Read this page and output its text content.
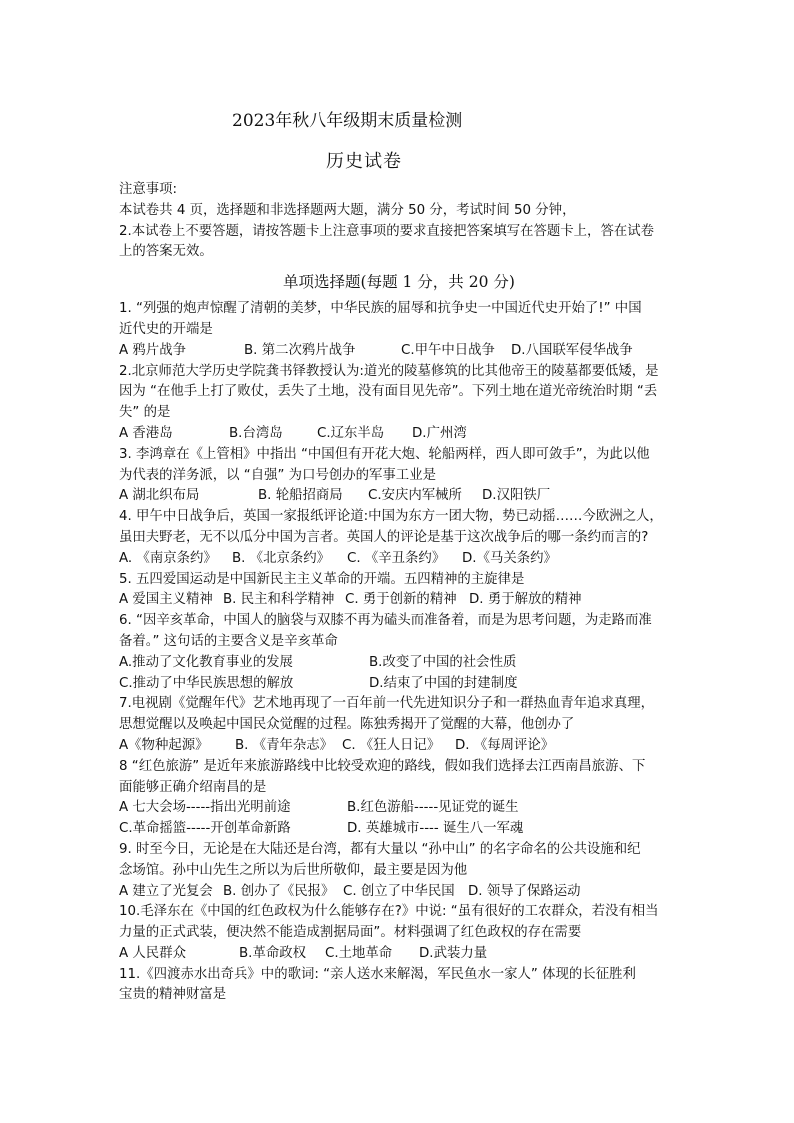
2023年秋八年级期末质量检测
历史试卷
注意事项:
本试卷共 4 页，选择题和非选择题两大题，满分 50 分，考试时间 50 分钟，
2.本试卷上不要答题，请按答题卡上注意事项的要求直接把答案填写在答题卡上，答在试卷
上的答案无效。
单项选择题(每题 1 分，共 20 分)
1. “列强的炮声惊醒了清朝的美梦，中华民族的屈辱和抗争史一中国近代史开始了!” 中国
近代史的开端是
A 鸦片战争	B. 第二次鸦片战争	C.甲午中日战争	D.八国联军侵华战争
2.北京师范大学历史学院龚书铎教授认为:道光的陵墓修筑的比其他帝王的陵墓都要低矮，是
因为 “在他手上打了败仗，丢失了土地，没有面目见先帝”。下列土地在道光帝统治时期 “丢
失” 的是
A 香港岛	B.台湾岛	C.辽东半岛	D.广州湾
3. 李鸿章在《上管相》中指出 “中国但有开花大炮、轮船两样，西人即可敛手”，为此以他
为代表的洋务派，以 “自强” 为口号创办的军事工业是
A 湖北织布局	B. 轮船招商局	C.安庆内军械所	D.汉阳铁厂
4. 甲午中日战争后，英国一家报纸评论道:中国为东方一团大物，势已动摇……今欧洲之人，
虽田夫野老，无不以瓜分中国为言者。英国人的评论是基于这次战争后的哪一条约而言的?
A. 《南京条约》	B. 《北京条约》	C. 《辛丑条约》	D.《马关条约》
5. 五四爱国运动是中国新民主主义革命的开端。五四精神的主旋律是
A 爱国主义精神 B. 民主和科学精神 C. 勇于创新的精神 D. 勇于解放的精神
6. “因辛亥革命，中国人的脑袋与双膝不再为磕头而准备着，而是为思考问题，为走路而准
备着。” 这句话的主要含义是辛亥革命
A.推动了文化教育事业的发展	B.改变了中国的社会性质
C.推动了中华民族思想的解放	D.结束了中国的封建制度
7.电视剧《觉醒年代》艺术地再现了一百年前一代先进知识分子和一群热血青年追求真理，
思想觉醒以及唤起中国民众觉醒的过程。陈独秀揭开了觉醒的大幕，他创办了
A《物种起源》	B. 《青年杂志》 C. 《狂人日记》	D. 《每周评论》
8 “红色旅游” 是近年来旅游路线中比较受欢迎的路线，假如我们选择去江西南昌旅游、下
面能够正确介绍南昌的是
A 七大会场-----指出光明前途	B.红色游船-----见证党的诞生
C.革命摇篮-----开创革命新路	D. 英雄城市---- 诞生八一军魂
9. 时至今日，无论是在大陆还是台湾，都有大量以 “孙中山” 的名字命名的公共设施和纪
念场馆。孙中山先生之所以为后世所敬仰，最主要是因为他
A 建立了光复会 B. 创办了《民报》 C. 创立了中华民国 D. 领导了保路运动
10.毛泽东在《中国的红色政权为什么能够存在?》中说: “虽有很好的工农群众，若没有相当
力量的正式武装，便决然不能造成割据局面”。材料强调了红色政权的存在需要
A 人民群众	B.革命政权	C.土地革命	D.武装力量
11.《四渡赤水出奇兵》中的歌词: “亲人送水来解渴，军民鱼水一家人” 体现的长征胜利
宝贵的精神财富是
